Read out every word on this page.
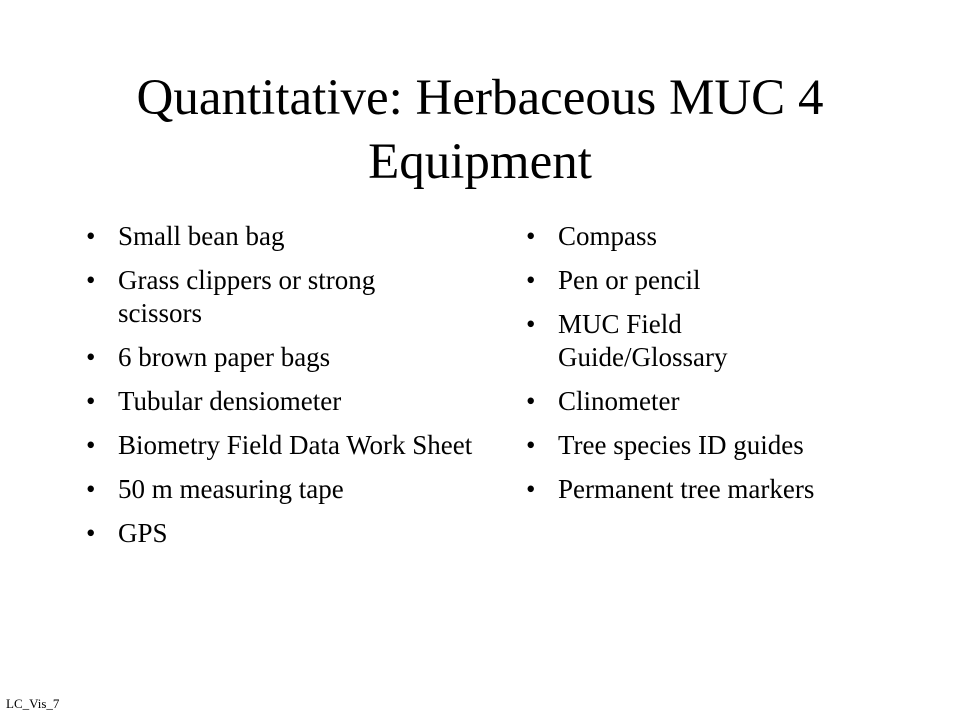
Quantitative: Herbaceous MUC 4
Equipment
• Small bean bag
• Grass clippers or strong scissors
• 6 brown paper bags
• Tubular densiometer
• Biometry Field Data Work Sheet
• 50 m measuring tape
• GPS
• Compass
• Pen or pencil
• MUC Field Guide/Glossary
• Clinometer
• Tree species ID guides
• Permanent tree markers
LC_Vis_7
